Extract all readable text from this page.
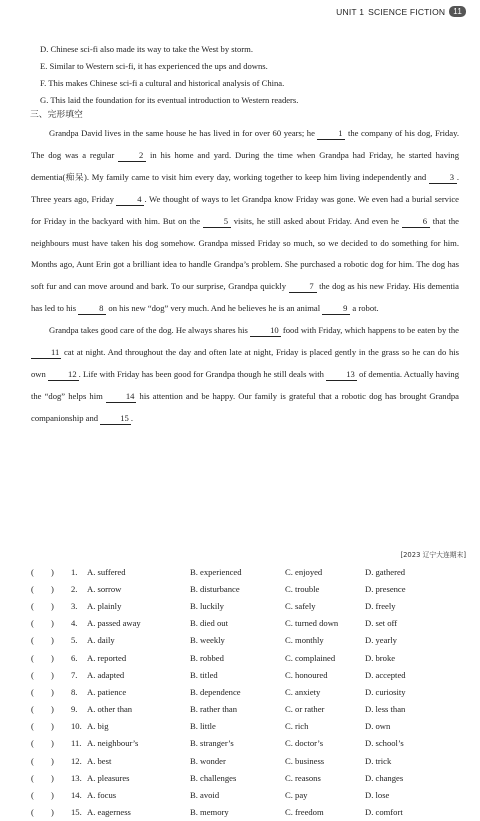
UNIT 1 SCIENCE FICTION	11
D. Chinese sci-fi also made its way to take the West by storm.
E. Similar to Western sci-fi, it has experienced the ups and downs.
F. This makes Chinese sci-fi a cultural and historical analysis of China.
G. This laid the foundation for its eventual introduction to Western readers.
三、完形填空

Grandpa David lives in the same house he has lived in for over 60 years; he 1 the company of his dog, Friday. The dog was a regular 2 in his home and yard. During the time when Grandpa had Friday, he started having dementia(痴呆). My family came to visit him every day, working together to keep him living independently and 3 . Three years ago, Friday 4 . We thought of ways to let Grandpa know Friday was gone. We even had a burial service for Friday in the backyard with him. But on the 5 visits, he still asked about Friday. And even he 6 that the neighbours must have taken his dog somehow. Grandpa missed Friday so much, so we decided to do something for him. Months ago, Aunt Erin got a brilliant idea to handle Grandpa’s problem. She purchased a robotic dog for him. The dog has soft fur and can move around and bark. To our surprise, Grandpa quickly 7 the dog as his new Friday. His dementia has led to his 8 on his new “dog” very much. And he believes he is an animal 9 a robot.

Grandpa takes good care of the dog. He always shares his 10 food with Friday, which happens to be eaten by the 11 cat at night. And throughout the day and often late at night, Friday is placed gently in the grass so he can do his own 12 . Life with Friday has been good for Grandpa though he still deals with 13 of dementia. Actually having the “dog” helps him 14 his attention and be happy. Our family is grateful that a robotic dog has brought Grandpa companionship and 15 .

[2023 辽宁大连期末]
(　　)	1.	A. suffered	B. experienced	C. enjoyed	D. gathered
(　　)	2.	A. sorrow	B. disturbance	C. trouble	D. presence
(　　)	3.	A. plainly	B. luckily	C. safely	D. freely
(　　)	4.	A. passed away	B. died out	C. turned down	D. set off
(　　)	5.	A. daily	B. weekly	C. monthly	D. yearly
(　　)	6.	A. reported	B. robbed	C. complained	D. broke
(　　)	7.	A. adapted	B. titled	C. honoured	D. accepted
(　　)	8.	A. patience	B. dependence	C. anxiety	D. curiosity
(　　)	9.	A. other than	B. rather than	C. or rather	D. less than
(　　)	10. A. big	B. little	C. rich	D. own
(　　)	11. A. neighbour’s	B. stranger’s	C. doctor’s	D. school’s
(　　)	12. A. best	B. wonder	C. business	D. trick
(　　)	13. A. pleasures	B. challenges	C. reasons	D. changes
(　　)	14. A. focus	B. avoid	C. pay	D. lose
(　　)	15. A. eagerness	B. memory	C. freedom	D. comfort
